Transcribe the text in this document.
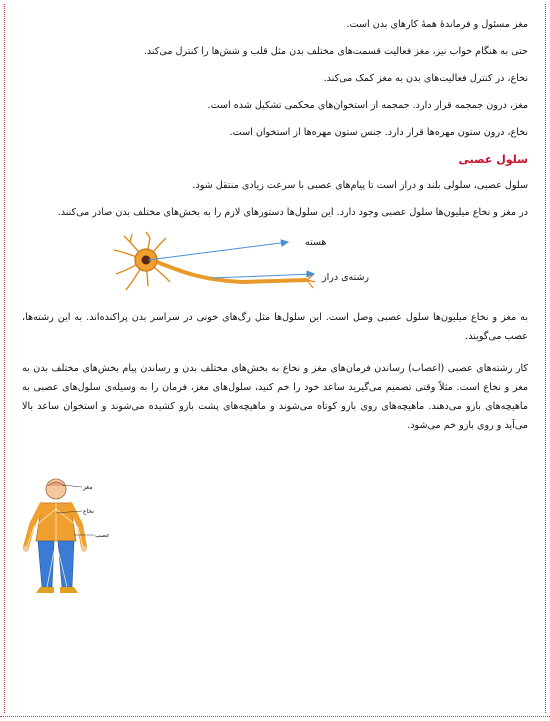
مغز مسئول و فرماندهٔ همهٔ کارهای بدن است.

حتی به هنگام خواب نیز، مغز فعالیت قسمت‌های مختلف بدن مثل قلب و شش‌ها را کنترل می‌کند.

نخاع، در کنترل فعالیت‌های بدن به مغز کمک می‌کند.

مغز، درون جمجمه قرار دارد. جمجمه از استخوان‌های محکمی تشکیل شده است.

نخاع، درون ستون مهره‌ها قرار دارد. جنس ستون مهره‌ها از استخوان است.

سلول عصبی

سلول عصبی، سلولی بلند و دراز است تا پیام‌های عصبی با سرعت زیادی منتقل شود.

در مغز و نخاع میلیون‌ها سلول عصبی وجود دارد. این سلول‌ها دستورهای لازم را به بخش‌های مختلف بدن صادر می‌کنند.

هسته
رشته‌ی دراز

به مغز و نخاع میلیون‌ها سلول عصبی وصل است. این سلول‌ها مثل رگ‌های خونی در سراسر بدن پراکنده‌اند. به این رشته‌ها، عصب می‌گویند.

کار رشته‌های عصبی (اعصاب) رساندن فرمان‌های مغز و نخاع به بخش‌های مختلف بدن و رساندن پیام بخش‌های مختلف بدن به مغز و نخاع است. مثلاً وقتی تصمیم می‌گیرید ساعد خود را خم کنید، سلول‌های مغز، فرمان را به وسیله‌ی سلول‌های عصبی به ماهیچه‌های بازو می‌دهند. ماهیچه‌های روی بازو کوتاه می‌شوند و ماهیچه‌های پشت بازو کشیده می‌شوند و استخوان ساعد بالا می‌آید و روی بازو خم می‌شود.

مغز
نخاع
عصب
